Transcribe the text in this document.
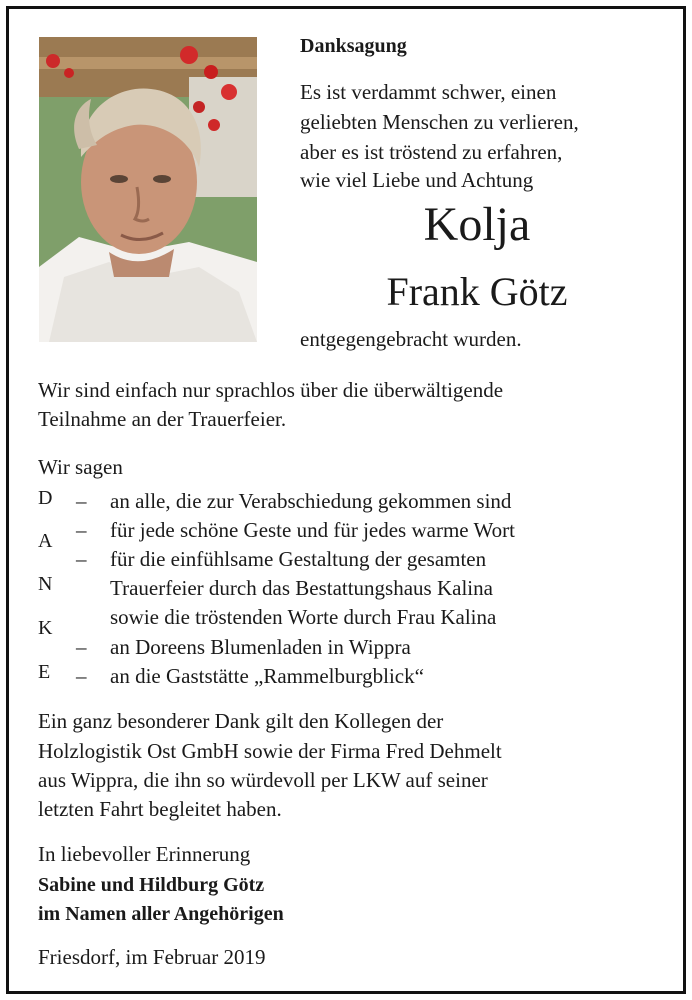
Danksagung
Es ist verdammt schwer, einen
geliebten Menschen zu verlieren,
aber es ist tröstend zu erfahren,
wie viel Liebe und Achtung
Kolja
Frank Götz
entgegengebracht wurden.
Wir sind einfach nur sprachlos über die überwältigende
Teilnahme an der Trauerfeier.
Wir sagen
D
A
N
K
E
–
–
–
–
–
an alle, die zur Verabschiedung gekommen sind
für jede schöne Geste und für jedes warme Wort
für die einfühlsame Gestaltung der gesamten
Trauerfeier durch das Bestattungshaus Kalina
sowie die tröstenden Worte durch Frau Kalina
an Doreens Blumenladen in Wippra
an die Gaststätte „Rammelburgblick“
Ein ganz besonderer Dank gilt den Kollegen der
Holzlogistik Ost GmbH sowie der Firma Fred Dehmelt
aus Wippra, die ihn so würdevoll per LKW auf seiner
letzten Fahrt begleitet haben.
In liebevoller Erinnerung
Sabine und Hildburg Götz
im Namen aller Angehörigen
Friesdorf, im Februar 2019
